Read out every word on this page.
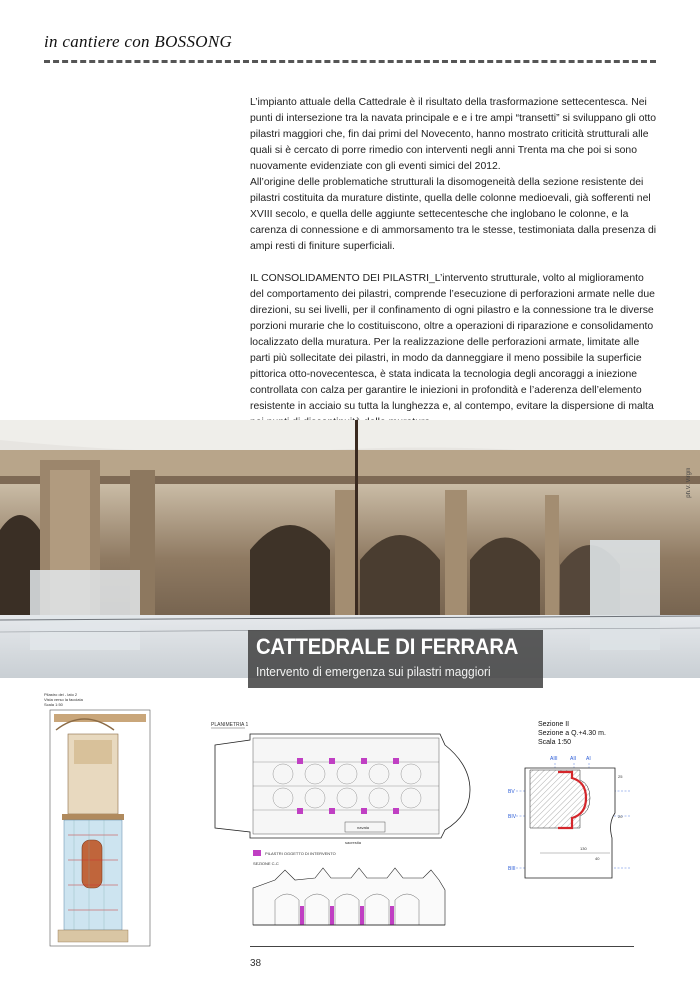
in cantiere con BOSSONG

L’impianto attuale della Cattedrale è il risultato della trasformazione settecentesca. Nei punti di intersezione tra la navata principale e e i tre ampi “transetti” si sviluppano gli otto pilastri maggiori che, fin dai primi del Novecento, hanno mostrato criticità strutturali alle quali si è cercato di porre rimedio con interventi negli anni Trenta ma che poi si sono nuovamente evidenziate con gli eventi simici del 2012.

All’origine delle problematiche strutturali la disomogeneità della sezione resistente dei pilastri costituita da murature distinte, quella delle colonne medioevali, già sofferenti nel XVIII secolo, e quella delle aggiunte settecentesche che inglobano le colonne, e la carenza di connessione e di ammorsamento tra le stesse, testimoniata dalla presenza di ampi resti di finiture superficiali.

IL CONSOLIDAMENTO DEI PILASTRI_L’intervento strutturale, volto al miglioramento del comportamento dei pilastri, comprende l’esecuzione di perforazioni armate nelle due direzioni, su sei livelli, per il confinamento di ogni pilastro e la connessione tra le diverse porzioni murarie che lo costituiscono, oltre a operazioni di riparazione e consolidamento localizzato della muratura. Per la realizzazione delle perforazioni armate, limitate alle parti più sollecitate dei pilastri, in modo da danneggiare il meno possibile la superficie pittorica otto-novecentesca, è stata indicata la tecnologia degli ancoraggi a iniezione controllata con calza per garantire le iniezioni in profondità e l’aderenza dell’elemento resistente in acciaio su tutta la lunghezza e, al contempo, evitare la dispersione di malta

ph.V. Virgili
CATTEDRALE DI FERRARA
Intervento di emergenza sui pilastri maggiori
Pilastro dei - lato 2
Vista verso la facciata
Scala 1:50
PLANIMETRIA 1
navata
sacrestia
PILASTRI OGGETTO DI INTERVENTO
SEZIONE C-C
Sezione II
Sezione a Q.+4.30 m.
Scala 1:50
AIII AII AI
BV
BIV
BIII
130
40
25
20
38
